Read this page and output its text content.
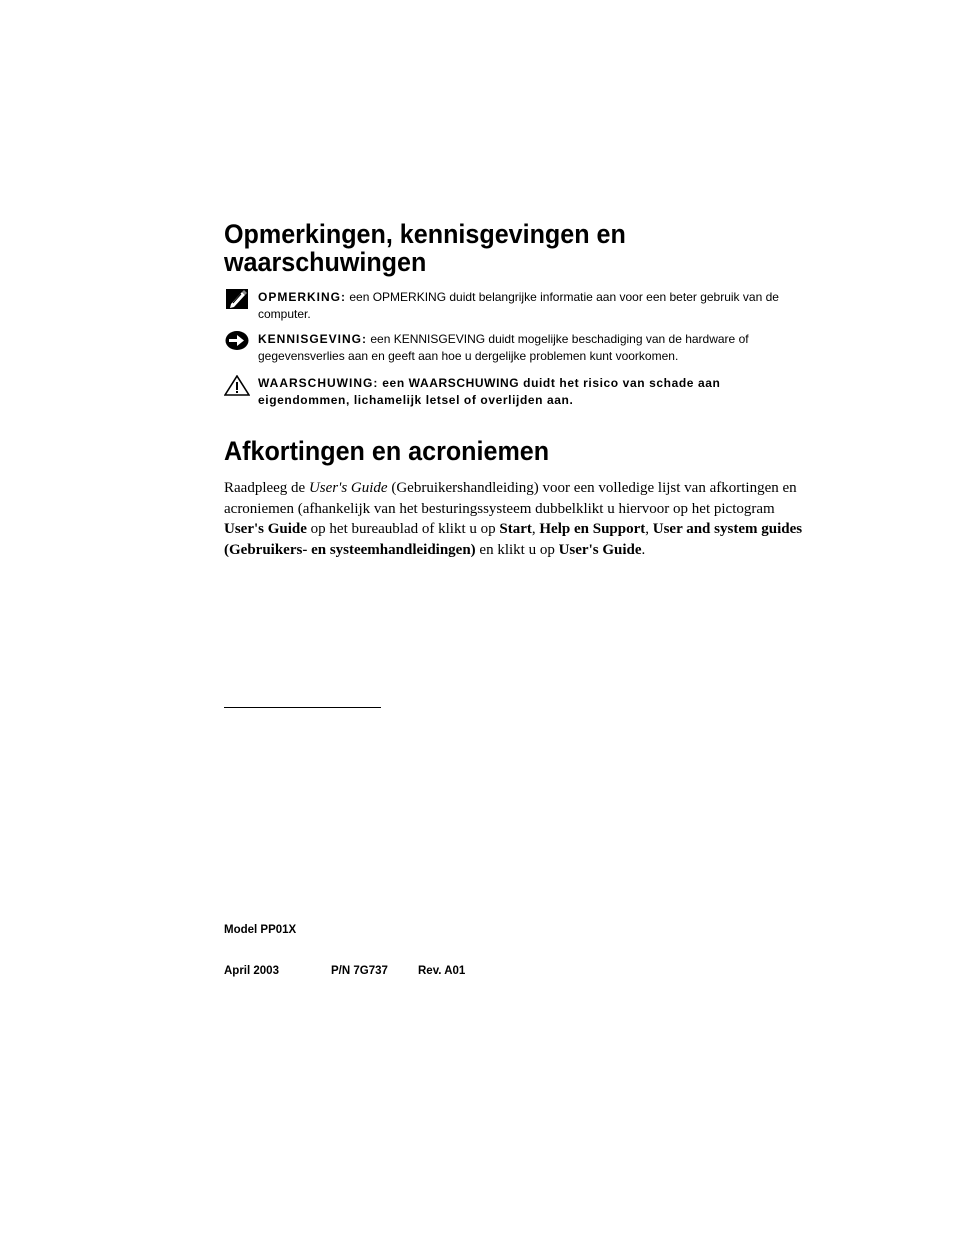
Opmerkingen, kennisgevingen en waarschuwingen
OPMERKING: een OPMERKING duidt belangrijke informatie aan voor een beter gebruik van de computer.
KENNISGEVING: een KENNISGEVING duidt mogelijke beschadiging van de hardware of gegevensverlies aan en geeft aan hoe u dergelijke problemen kunt voorkomen.
WAARSCHUWING: een WAARSCHUWING duidt het risico van schade aan eigendommen, lichamelijk letsel of overlijden aan.
Afkortingen en acroniemen
Raadpleeg de User's Guide (Gebruikershandleiding) voor een volledige lijst van afkortingen en acroniemen (afhankelijk van het besturingssysteem dubbelklikt u hiervoor op het pictogram User's Guide op het bureaublad of klikt u op Start, Help en Support, User and system guides (Gebruikers- en systeemhandleidingen) en klikt u op User's Guide.
Model PP01X
April 2003	P/N 7G737	Rev. A01
